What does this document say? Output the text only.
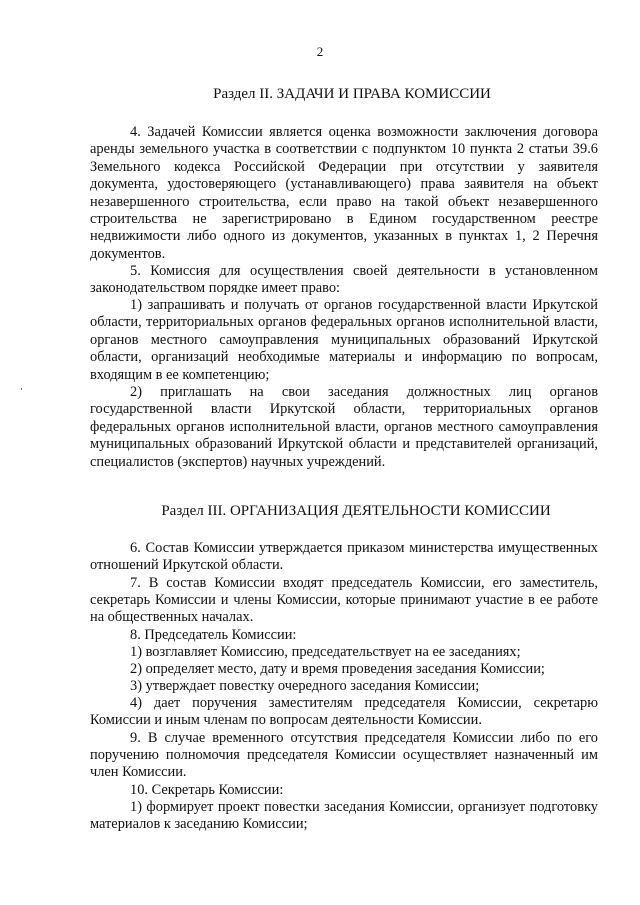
2
Раздел II. ЗАДАЧИ И ПРАВА КОМИССИИ

4. Задачей Комиссии является оценка возможности заключения договора аренды земельного участка в соответствии с подпунктом 10 пункта 2 статьи 39.6 Земельного кодекса Российской Федерации при отсутствии у заявителя документа, удостоверяющего (устанавливающего) права заявителя на объект незавершенного строительства, если право на такой объект незавершенного строительства не зарегистрировано в Едином государственном реестре недвижимости либо одного из документов, указанных в пунктах 1, 2 Перечня документов.

5. Комиссия для осуществления своей деятельности в установленном законодательством порядке имеет право:

1) запрашивать и получать от органов государственной власти Иркутской области, территориальных органов федеральных органов исполнительной власти, органов местного самоуправления муниципальных образований Иркутской области, организаций необходимые материалы и информацию по вопросам, входящим в ее компетенцию;

2) приглашать на свои заседания должностных лиц органов государственной власти Иркутской области, территориальных органов федеральных органов исполнительной власти, органов местного самоуправления муниципальных образований Иркутской области и представителей организаций, специалистов (экспертов) научных учреждений.

Раздел III. ОРГАНИЗАЦИЯ ДЕЯТЕЛЬНОСТИ КОМИССИИ

6. Состав Комиссии утверждается приказом министерства имущественных отношений Иркутской области.

7. В состав Комиссии входят председатель Комиссии, его заместитель, секретарь Комиссии и члены Комиссии, которые принимают участие в ее работе на общественных началах.

8. Председатель Комиссии:

1) возглавляет Комиссию, председательствует на ее заседаниях;

2) определяет место, дату и время проведения заседания Комиссии;

3) утверждает повестку очередного заседания Комиссии;

4) дает поручения заместителям председателя Комиссии, секретарю Комиссии и иным членам по вопросам деятельности Комиссии.

9. В случае временного отсутствия председателя Комиссии либо по его поручению полномочия председателя Комиссии осуществляет назначенный им член Комиссии.

10. Секретарь Комиссии:

1) формирует проект повестки заседания Комиссии, организует подготовку материалов к заседанию Комиссии;
